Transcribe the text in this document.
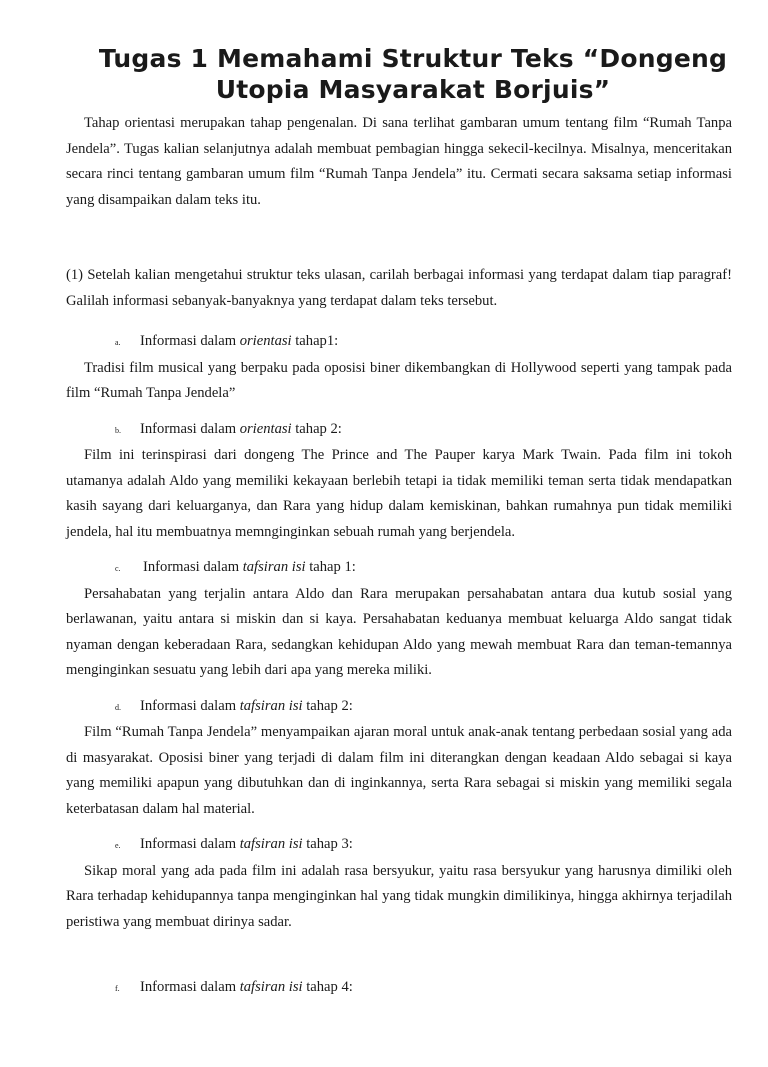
Tugas 1 Memahami Struktur Teks “Dongeng
Utopia Masyarakat Borjuis”

Tahap orientasi merupakan tahap pengenalan. Di sana terlihat gambaran umum tentang film “Rumah Tanpa Jendela”. Tugas kalian selanjutnya adalah membuat pembagian hingga sekecil-kecilnya. Misalnya, menceritakan secara rinci tentang gambaran umum film “Rumah Tanpa Jendela” itu. Cermati secara saksama setiap informasi yang disampaikan dalam teks itu.

(1) Setelah kalian mengetahui struktur teks ulasan, carilah berbagai informasi yang terdapat dalam tiap paragraf! Galilah informasi sebanyak-banyaknya yang terdapat dalam teks tersebut.

a. Informasi dalam orientasi tahap1:

Tradisi film musical yang berpaku pada oposisi biner dikembangkan di Hollywood seperti yang tampak pada film “Rumah Tanpa Jendela”

b. Informasi dalam orientasi tahap 2:

Film ini terinspirasi dari dongeng The Prince and The Pauper karya Mark Twain. Pada film ini tokoh utamanya adalah Aldo yang memiliki kekayaan berlebih tetapi ia tidak memiliki teman serta tidak mendapatkan kasih sayang dari keluarganya, dan Rara yang hidup dalam kemiskinan, bahkan rumahnya pun tidak memiliki jendela, hal itu membuatnya memnginginkan sebuah rumah yang berjendela.

c. Informasi dalam tafsiran isi tahap 1:

Persahabatan yang terjalin antara Aldo dan Rara merupakan persahabatan antara dua kutub sosial yang berlawanan, yaitu antara si miskin dan si kaya. Persahabatan keduanya membuat keluarga Aldo sangat tidak nyaman dengan keberadaan Rara, sedangkan kehidupan Aldo yang mewah membuat Rara dan teman-temannya menginginkan sesuatu yang lebih dari apa yang mereka miliki.

d. Informasi dalam tafsiran isi tahap 2:

Film “Rumah Tanpa Jendela” menyampaikan ajaran moral untuk anak-anak tentang perbedaan sosial yang ada di masyarakat. Oposisi biner yang terjadi di dalam film ini diterangkan dengan keadaan Aldo sebagai si kaya yang memiliki apapun yang dibutuhkan dan di inginkannya, serta Rara sebagai si miskin yang memiliki segala keterbatasan dalam hal material.

e. Informasi dalam tafsiran isi tahap 3:

Sikap moral yang ada pada film ini adalah rasa bersyukur, yaitu rasa bersyukur yang harusnya dimiliki oleh Rara terhadap kehidupannya tanpa menginginkan hal yang tidak mungkin dimilikinya, hingga akhirnya terjadilah peristiwa yang membuat dirinya sadar.

f. Informasi dalam tafsiran isi tahap 4:
